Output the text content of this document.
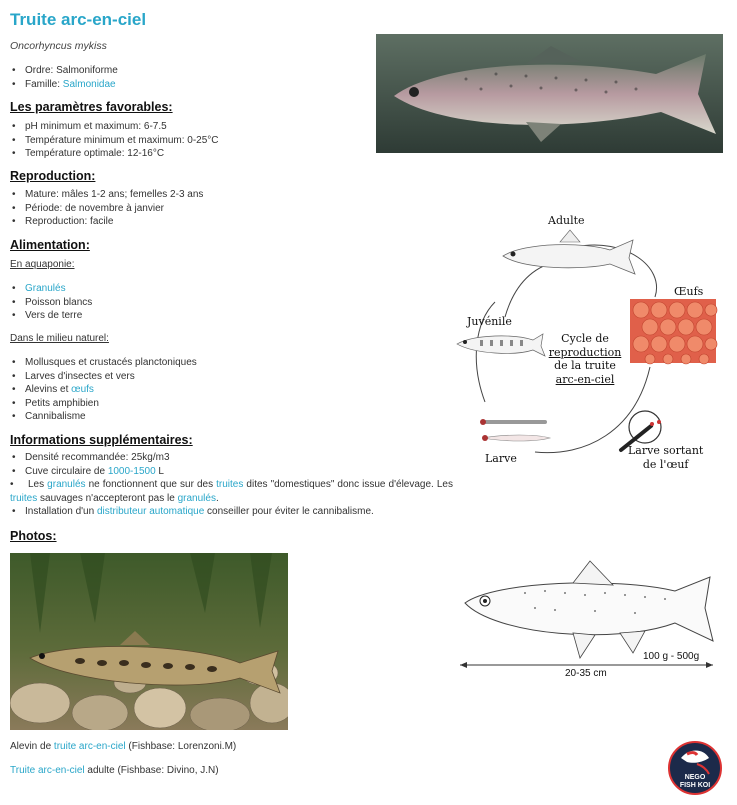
Truite arc-en-ciel
Oncorhyncus mykiss
• Ordre: Salmoniforme
• Famille: Salmonidae
Les paramètres favorables:
• pH minimum et maximum: 6-7.5
• Température minimum et maximum: 0-25°C
• Température optimale: 12-16°C
Reproduction:
• Mature: mâles 1-2 ans; femelles 2-3 ans
• Période: de novembre à janvier
• Reproduction: facile
Alimentation:
En aquaponie:
• Granulés
• Poisson blancs
• Vers de terre
Dans le milieu naturel:
• Mollusques et crustacés planctoniques
• Larves d'insectes et vers
• Alevins et œufs
• Petits amphibien
• Cannibalisme
Informations supplémentaires:
• Densité recommandée: 25kg/m3
• Cuve circulaire de 1000-1500 L
• Les granulés ne fonctionnent que sur des truites dites "domestiques" donc issue d'élevage. Les truites sauvages n'accepteront pas le granulés.
• Installation d'un distributeur automatique conseiller pour éviter le cannibalisme.
Photos:
Adulte
Œufs
Juvénile
Cycle de
reproduction
de la truite
arc-en-ciel
Larve
Larve sortant
de l'œuf
100 g - 500g
20-35 cm
Alevin de truite arc-en-ciel (Fishbase: Lorenzoni.M)
Truite arc-en-ciel adulte (Fishbase: Divino, J.N)
NEGO
FISH KOI
